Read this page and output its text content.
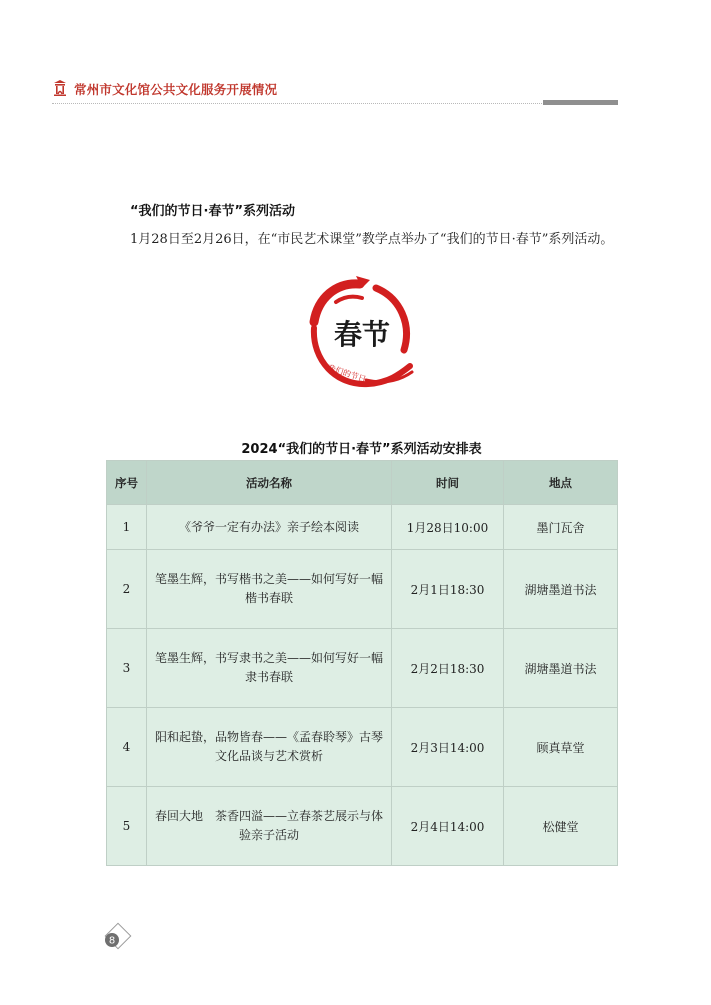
常州市文化馆公共文化服务开展情况
“我们的节日·春节”系列活动
1月28日至2月26日，在“市民艺术课堂”教学点举办了“我们的节日·春节”系列活动。
春节
我们的节日
2024“我们的节日·春节”系列活动安排表
序号	活动名称	时间	地点
1	《爷爷一定有办法》亲子绘本阅读	1月28日10:00	墨门瓦舍
2	笔墨生辉，书写楷书之美——如何写好一幅楷书春联	2月1日18:30	湖塘墨道书法
3	笔墨生辉，书写隶书之美——如何写好一幅隶书春联	2月2日18:30	湖塘墨道书法
4	阳和起蛰，品物皆春——《孟春聆琴》古琴文化品谈与艺术赏析	2月3日14:00	顾真草堂
5	春回大地　茶香四溢——立春茶艺展示与体验亲子活动	2月4日14:00	松健堂
8
